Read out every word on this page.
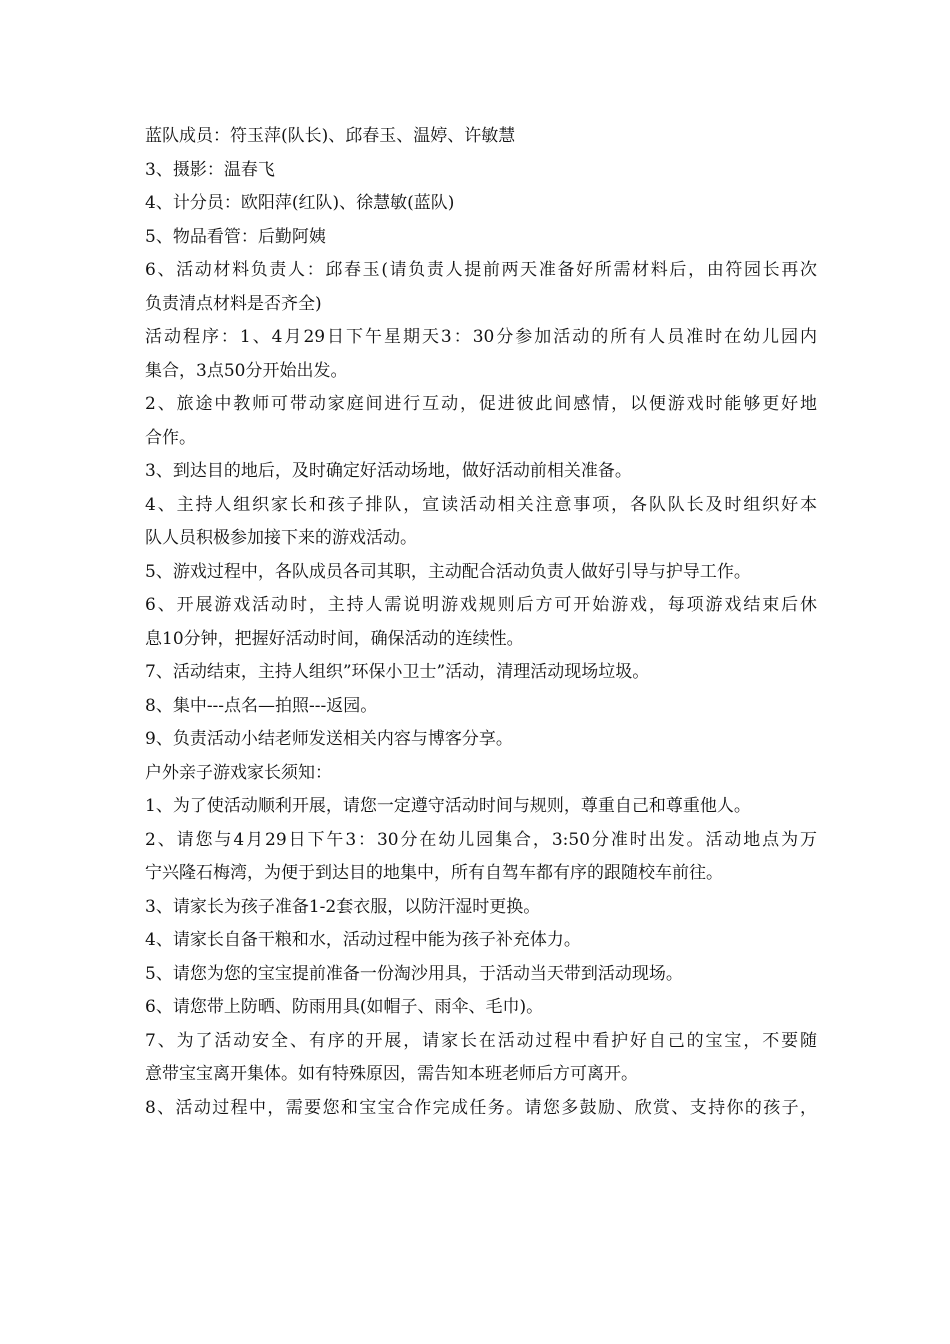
蓝队成员：符玉萍(队长)、邱春玉、温婷、许敏慧
3、摄影：温春飞
4、计分员：欧阳萍(红队)、徐慧敏(蓝队)
5、物品看管：后勤阿姨
6、活动材料负责人：邱春玉(请负责人提前两天准备好所需材料后，由符园长再次
负责清点材料是否齐全)
活动程序：1、4月29日下午星期天3：30分参加活动的所有人员准时在幼儿园内
集合，3点50分开始出发。
2、旅途中教师可带动家庭间进行互动，促进彼此间感情，以便游戏时能够更好地
合作。
3、到达目的地后，及时确定好活动场地，做好活动前相关准备。
4、主持人组织家长和孩子排队，宣读活动相关注意事项，各队队长及时组织好本
队人员积极参加接下来的游戏活动。
5、游戏过程中，各队成员各司其职，主动配合活动负责人做好引导与护导工作。
6、开展游戏活动时，主持人需说明游戏规则后方可开始游戏，每项游戏结束后休
息10分钟，把握好活动时间，确保活动的连续性。
7、活动结束，主持人组织”环保小卫士”活动，清理活动现场垃圾。
8、集中---点名—拍照---返园。
9、负责活动小结老师发送相关内容与博客分享。
户外亲子游戏家长须知：
1、为了使活动顺利开展，请您一定遵守活动时间与规则，尊重自己和尊重他人。
2、请您与4月29日下午3：30分在幼儿园集合，3:50分准时出发。活动地点为万
宁兴隆石梅湾，为便于到达目的地集中，所有自驾车都有序的跟随校车前往。
3、请家长为孩子准备1-2套衣服，以防汗湿时更换。
4、请家长自备干粮和水，活动过程中能为孩子补充体力。
5、请您为您的宝宝提前准备一份淘沙用具，于活动当天带到活动现场。
6、请您带上防晒、防雨用具(如帽子、雨伞、毛巾)。
7、为了活动安全、有序的开展，请家长在活动过程中看护好自己的宝宝，不要随
意带宝宝离开集体。如有特殊原因，需告知本班老师后方可离开。
8、活动过程中，需要您和宝宝合作完成任务。请您多鼓励、欣赏、支持你的孩子，
